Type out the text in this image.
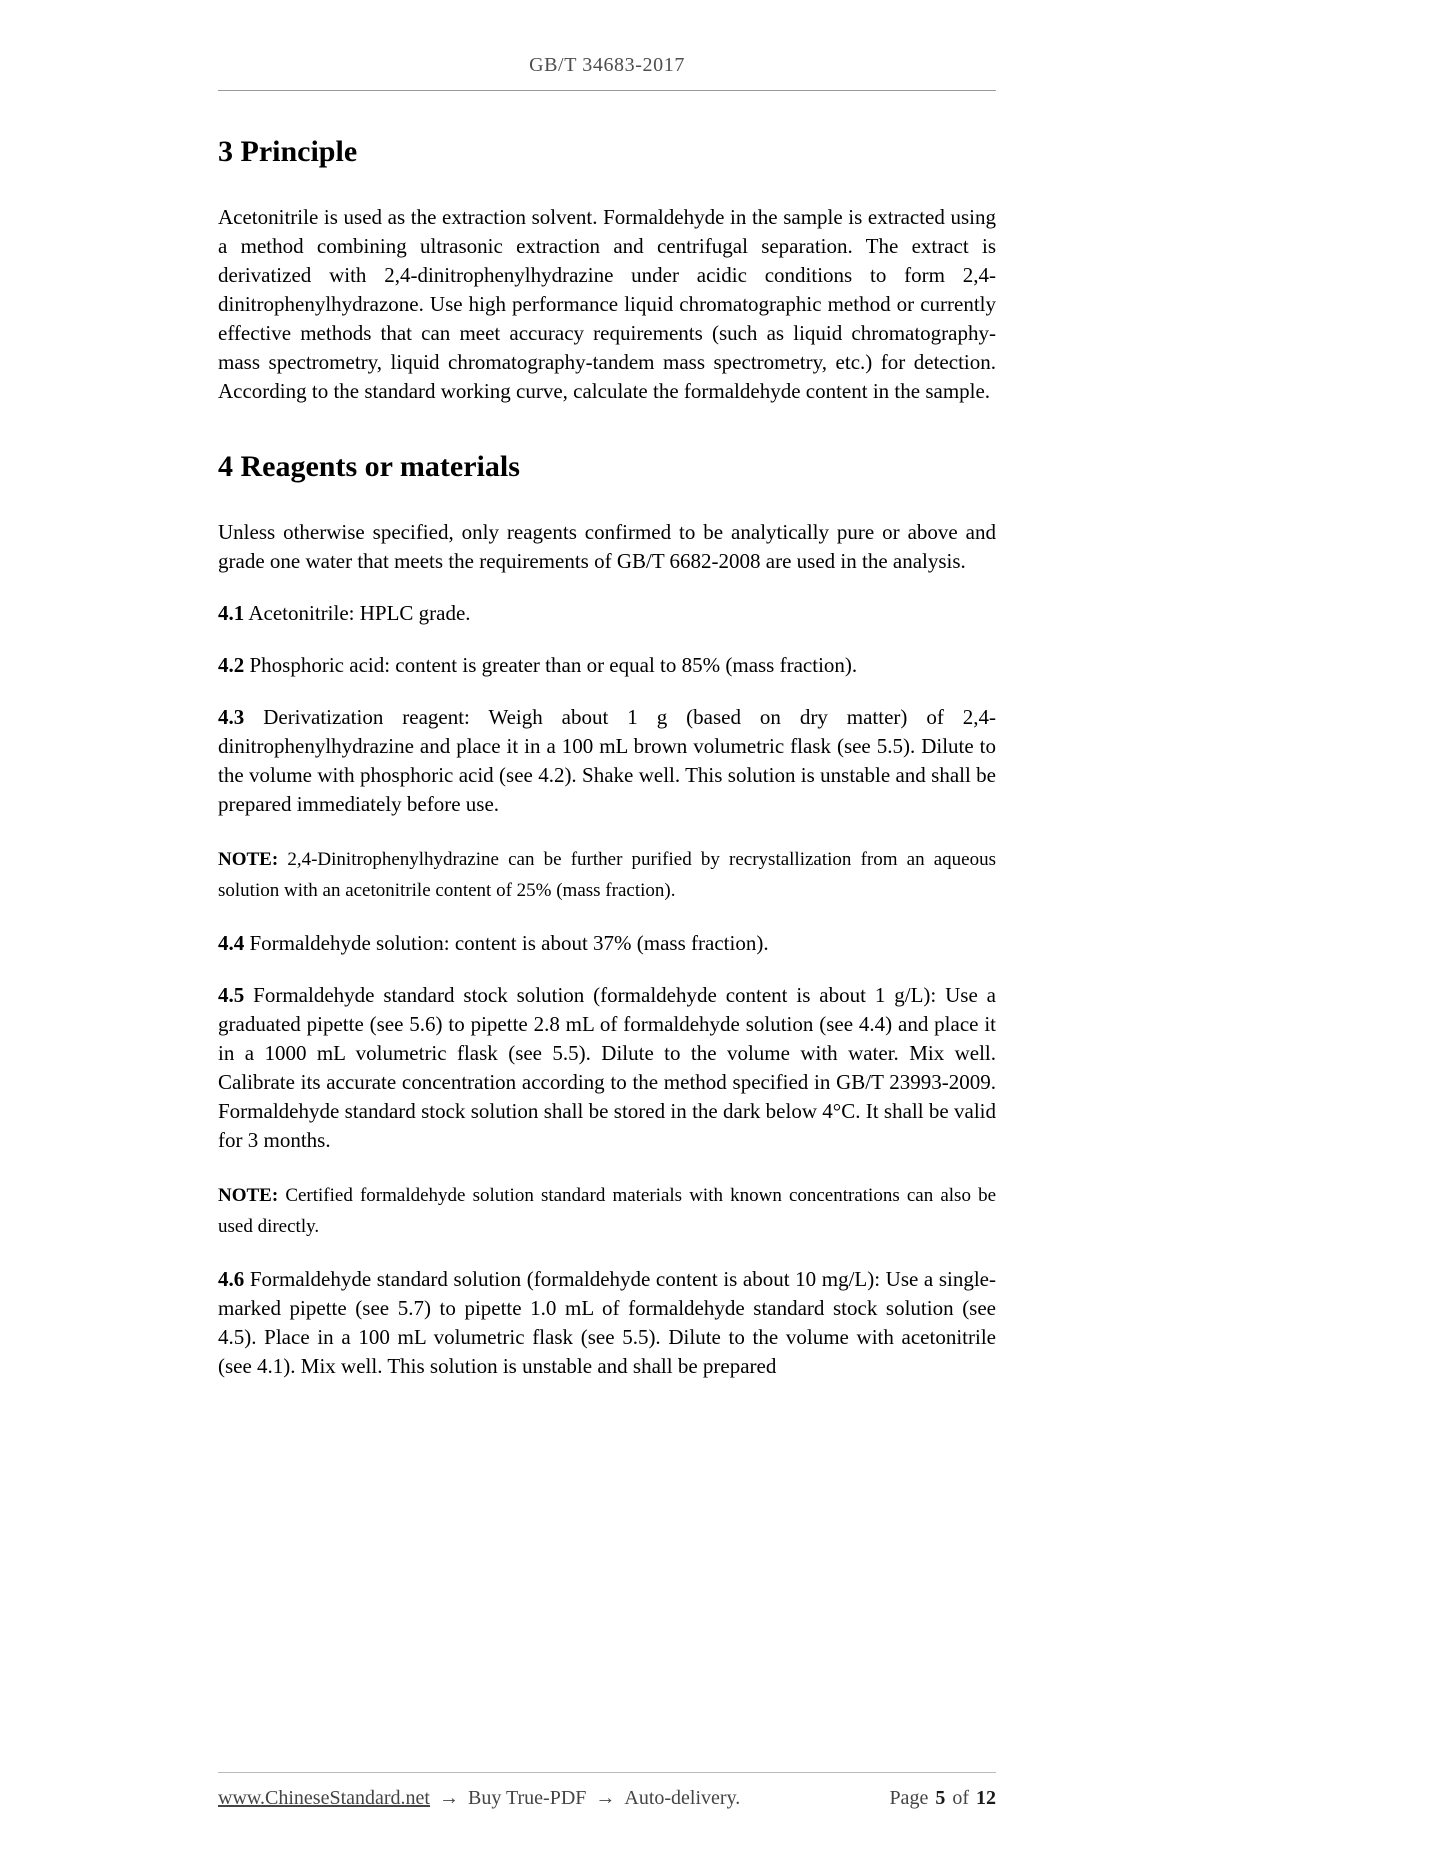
GB/T 34683-2017
3 Principle

Acetonitrile is used as the extraction solvent. Formaldehyde in the sample is extracted using a method combining ultrasonic extraction and centrifugal separation. The extract is derivatized with 2,4-dinitrophenylhydrazine under acidic conditions to form 2,4-dinitrophenylhydrazone. Use high performance liquid chromatographic method or currently effective methods that can meet accuracy requirements (such as liquid chromatography-mass spectrometry, liquid chromatography-tandem mass spectrometry, etc.) for detection. According to the standard working curve, calculate the formaldehyde content in the sample.

4 Reagents or materials

Unless otherwise specified, only reagents confirmed to be analytically pure or above and grade one water that meets the requirements of GB/T 6682-2008 are used in the analysis.

4.1 Acetonitrile: HPLC grade.

4.2 Phosphoric acid: content is greater than or equal to 85% (mass fraction).

4.3 Derivatization reagent: Weigh about 1 g (based on dry matter) of 2,4-dinitrophenylhydrazine and place it in a 100 mL brown volumetric flask (see 5.5). Dilute to the volume with phosphoric acid (see 4.2). Shake well. This solution is unstable and shall be prepared immediately before use.

NOTE: 2,4-Dinitrophenylhydrazine can be further purified by recrystallization from an aqueous solution with an acetonitrile content of 25% (mass fraction).

4.4 Formaldehyde solution: content is about 37% (mass fraction).

4.5 Formaldehyde standard stock solution (formaldehyde content is about 1 g/L): Use a graduated pipette (see 5.6) to pipette 2.8 mL of formaldehyde solution (see 4.4) and place it in a 1000 mL volumetric flask (see 5.5). Dilute to the volume with water. Mix well. Calibrate its accurate concentration according to the method specified in GB/T 23993-2009. Formaldehyde standard stock solution shall be stored in the dark below 4°C. It shall be valid for 3 months.

NOTE: Certified formaldehyde solution standard materials with known concentrations can also be used directly.

4.6 Formaldehyde standard solution (formaldehyde content is about 10 mg/L): Use a single-marked pipette (see 5.7) to pipette 1.0 mL of formaldehyde standard stock solution (see 4.5). Place in a 100 mL volumetric flask (see 5.5). Dilute to the volume with acetonitrile (see 4.1). Mix well. This solution is unstable and shall be prepared

www.ChineseStandard.net → Buy True-PDF → Auto-delivery.	Page 5 of 12
